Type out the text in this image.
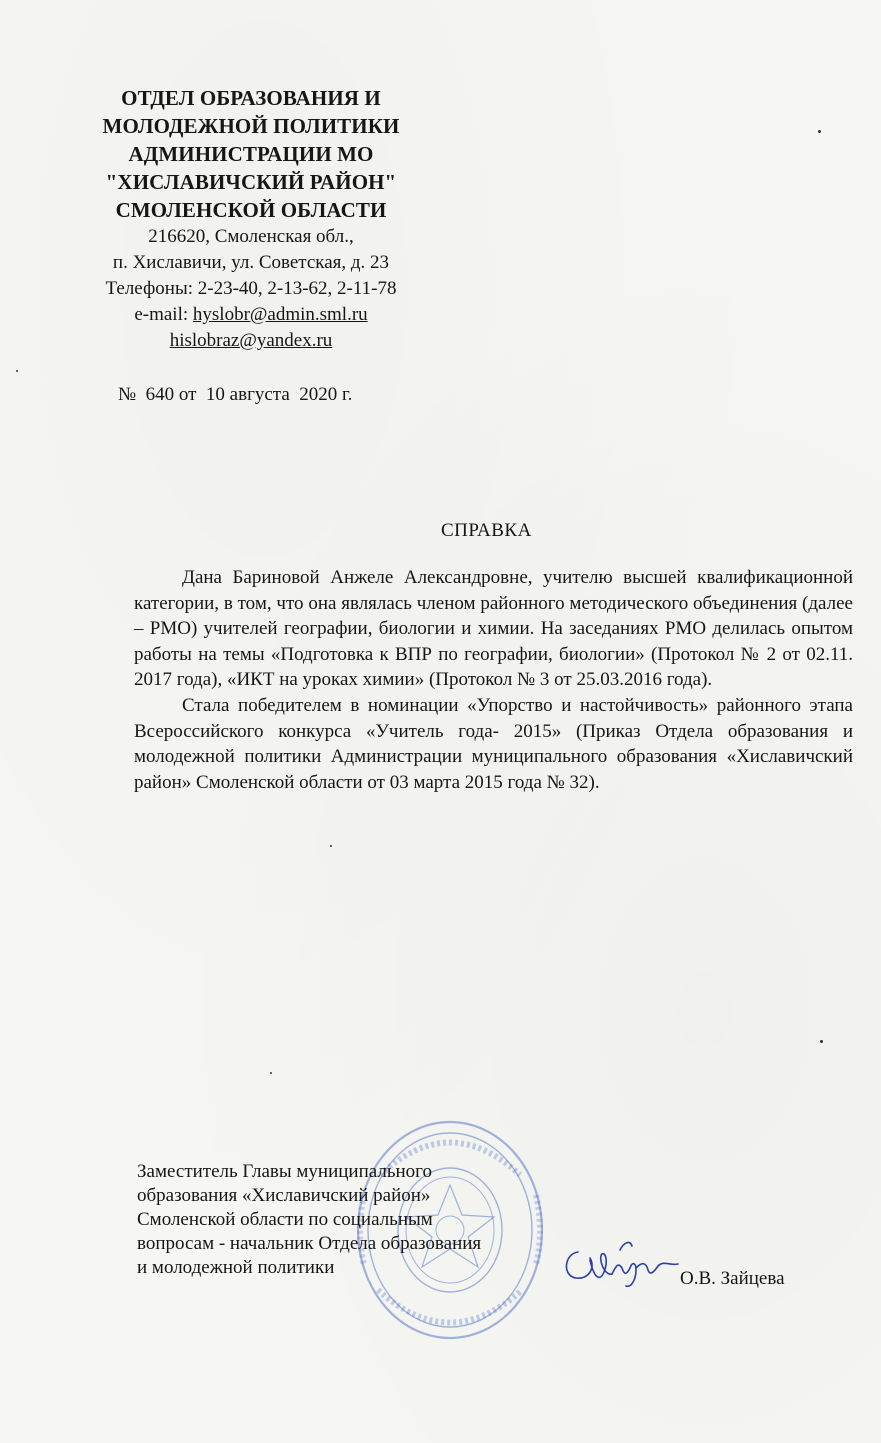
ОТДЕЛ ОБРАЗОВАНИЯ И
МОЛОДЕЖНОЙ ПОЛИТИКИ
АДМИНИСТРАЦИИ МО
"ХИСЛАВИЧСКИЙ РАЙОН"
СМОЛЕНСКОЙ ОБЛАСТИ
216620, Смоленская обл.,
п. Хиславичи, ул. Советская, д. 23
Телефоны: 2-23-40, 2-13-62, 2-11-78
e-mail: hyslobr@admin.sml.ru
hislobraz@yandex.ru
№  640 от  10 августа  2020 г.
СПРАВКА

Дана Бариновой Анжеле Александровне, учителю высшей квалификационной категории, в том, что она являлась членом районного методического объединения (далее – РМО) учителей географии, биологии и химии. На заседаниях РМО делилась опытом работы на темы «Подготовка к ВПР по географии, биологии» (Протокол № 2 от 02.11. 2017 года), «ИКТ на уроках химии» (Протокол № 3 от 25.03.2016 года).

Стала победителем в номинации «Упорство и настойчивость» районного этапа Всероссийского конкурса «Учитель года- 2015» (Приказ Отдела образования и молодежной политики Администрации муниципального образования «Хиславичский район» Смоленской области от 03 марта 2015 года № 32).

Заместитель Главы муниципального
образования «Хиславичский район»
Смоленской области по социальным
вопросам - начальник Отдела образования
и молодежной политики
О.В. Зайцева
